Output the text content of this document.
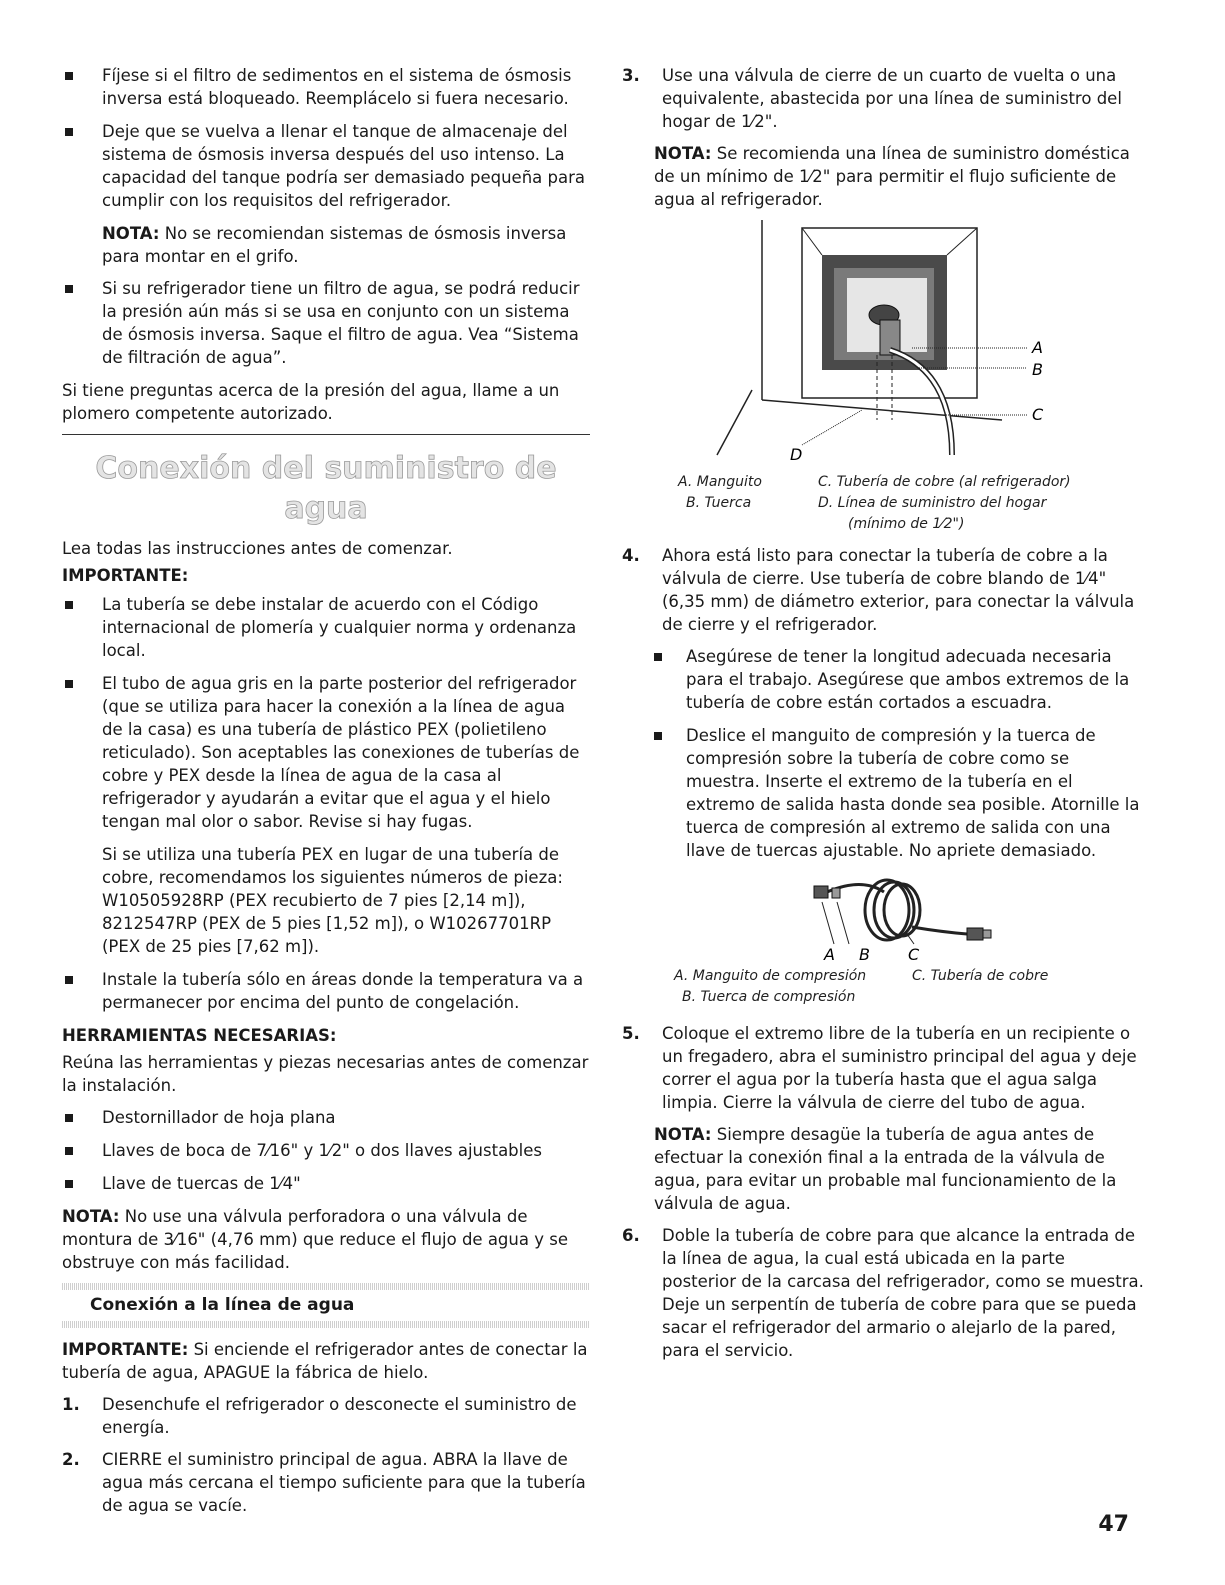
Fíjese si el filtro de sedimentos en el sistema de ósmosis inversa está bloqueado. Reemplácelo si fuera necesario.
Deje que se vuelva a llenar el tanque de almacenaje del sistema de ósmosis inversa después del uso intenso. La capacidad del tanque podría ser demasiado pequeña para cumplir con los requisitos del refrigerador.

NOTA: No se recomiendan sistemas de ósmosis inversa para montar en el grifo.

Si su refrigerador tiene un filtro de agua, se podrá reducir la presión aún más si se usa en conjunto con un sistema de ósmosis inversa. Saque el filtro de agua. Vea “Sistema de filtración de agua”.

Si tiene preguntas acerca de la presión del agua, llame a un plomero competente autorizado.

Conexión del suministro de agua

Lea todas las instrucciones antes de comenzar.

IMPORTANTE:

La tubería se debe instalar de acuerdo con el Código internacional de plomería y cualquier norma y ordenanza local.
El tubo de agua gris en la parte posterior del refrigerador (que se utiliza para hacer la conexión a la línea de agua de la casa) es una tubería de plástico PEX (polietileno reticulado). Son aceptables las conexiones de tuberías de cobre y PEX desde la línea de agua de la casa al refrigerador y ayudarán a evitar que el agua y el hielo tengan mal olor o sabor. Revise si hay fugas.
Si se utiliza una tubería PEX en lugar de una tubería de cobre, recomendamos los siguientes números de pieza: W10505928RP (PEX recubierto de 7 pies [2,14 m]), 8212547RP (PEX de 5 pies [1,52 m]), o W10267701RP (PEX de 25 pies [7,62 m]).
Instale la tubería sólo en áreas donde la temperatura va a permanecer por encima del punto de congelación.

HERRAMIENTAS NECESARIAS:

Reúna las herramientas y piezas necesarias antes de comenzar la instalación.

Destornillador de hoja plana
Llaves de boca de 7⁄16" y 1⁄2" o dos llaves ajustables
Llave de tuercas de 1⁄4"

NOTA: No use una válvula perforadora o una válvula de montura de 3⁄16" (4,76 mm) que reduce el flujo de agua y se obstruye con más facilidad.

Conexión a la línea de agua

IMPORTANTE: Si enciende el refrigerador antes de conectar la tubería de agua, APAGUE la fábrica de hielo.

1. Desenchufe el refrigerador o desconecte el suministro de energía.
2. CIERRE el suministro principal de agua. ABRA la llave de agua más cercana el tiempo suficiente para que la tubería de agua se vacíe.
3. Use una válvula de cierre de un cuarto de vuelta o una equivalente, abastecida por una línea de suministro del hogar de 1⁄2".

NOTA: Se recomienda una línea de suministro doméstica de un mínimo de 1⁄2" para permitir el flujo suficiente de agua al refrigerador.

A
B
C
D
A. Manguito	C. Tubería de cobre (al refrigerador)
B. Tuerca	D. Línea de suministro del hogar
(mínimo de 1⁄2")
4. Ahora está listo para conectar la tubería de cobre a la válvula de cierre. Use tubería de cobre blando de 1⁄4" (6,35 mm) de diámetro exterior, para conectar la válvula de cierre y el refrigerador.
Asegúrese de tener la longitud adecuada necesaria para el trabajo. Asegúrese que ambos extremos de la tubería de cobre están cortados a escuadra.
Deslice el manguito de compresión y la tuerca de compresión sobre la tubería de cobre como se muestra. Inserte el extremo de la tubería en el extremo de salida hasta donde sea posible. Atornille la tuerca de compresión al extremo de salida con una llave de tuercas ajustable. No apriete demasiado.
A B C
A. Manguito de compresión	C. Tubería de cobre
B. Tuerca de compresión
5. Coloque el extremo libre de la tubería en un recipiente o un fregadero, abra el suministro principal del agua y deje correr el agua por la tubería hasta que el agua salga limpia. Cierre la válvula de cierre del tubo de agua.

NOTA: Siempre desagüe la tubería de agua antes de efectuar la conexión final a la entrada de la válvula de agua, para evitar un probable mal funcionamiento de la válvula de agua.

6. Doble la tubería de cobre para que alcance la entrada de la línea de agua, la cual está ubicada en la parte posterior de la carcasa del refrigerador, como se muestra. Deje un serpentín de tubería de cobre para que se pueda sacar el refrigerador del armario o alejarlo de la pared, para el servicio.
47
